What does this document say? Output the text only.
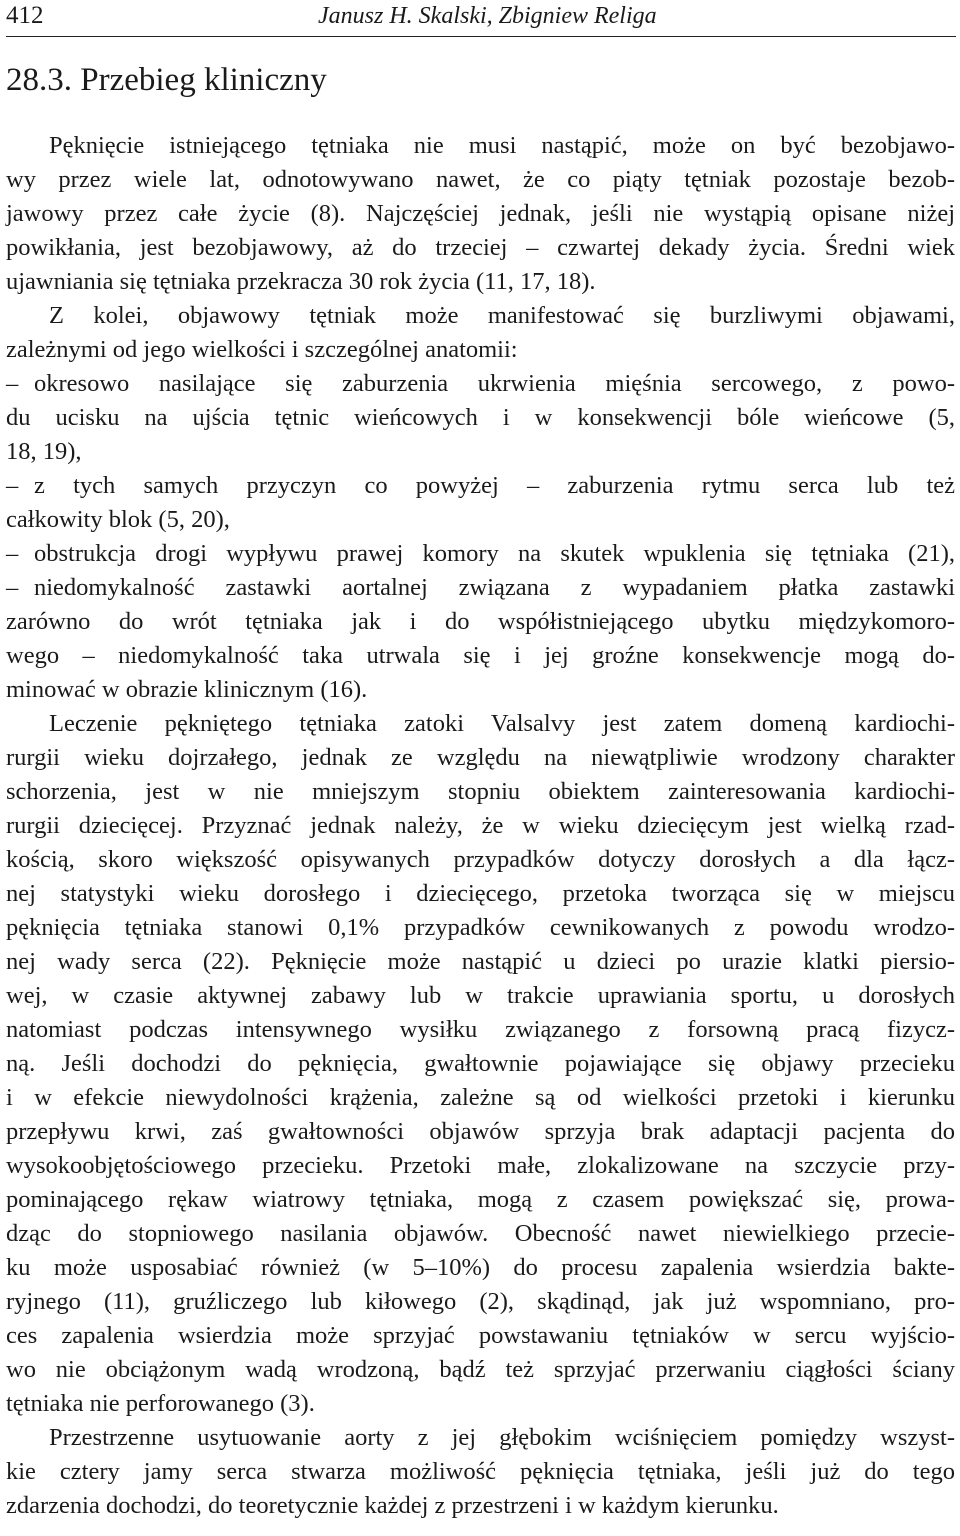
412	Janusz H. Skalski, Zbigniew Religa
28.3. Przebieg kliniczny
Pęknięcie istniejącego tętniaka nie musi nastąpić, może on być bezobjawo-
wy przez wiele lat, odnotowywano nawet, że co piąty tętniak pozostaje bezob-
jawowy przez całe życie (8). Najczęściej jednak, jeśli nie wystąpią opisane niżej
powikłania, jest bezobjawowy, aż do trzeciej – czwartej dekady życia. Średni wiek
ujawniania się tętniaka przekracza 30 rok życia (11, 17, 18).
Z kolei, objawowy tętniak może manifestować się burzliwymi objawami,
zależnymi od jego wielkości i szczególnej anatomii:
– okresowo nasilające się zaburzenia ukrwienia mięśnia sercowego, z powo-
du ucisku na ujścia tętnic wieńcowych i w konsekwencji bóle wieńcowe (5,
18, 19),
– z tych samych przyczyn co powyżej – zaburzenia rytmu serca lub też
całkowity blok (5, 20),
– obstrukcja drogi wypływu prawej komory na skutek wpuklenia się tętniaka (21),
– niedomykalność zastawki aortalnej związana z wypadaniem płatka zastawki
zarówno do wrót tętniaka jak i do współistniejącego ubytku międzykomoro-
wego – niedomykalność taka utrwala się i jej groźne konsekwencje mogą do-
minować w obrazie klinicznym (16).
Leczenie pękniętego tętniaka zatoki Valsalvy jest zatem domeną kardiochi-
rurgii wieku dojrzałego, jednak ze względu na niewątpliwie wrodzony charakter
schorzenia, jest w nie mniejszym stopniu obiektem zainteresowania kardiochi-
rurgii dziecięcej. Przyznać jednak należy, że w wieku dziecięcym jest wielką rzad-
kością, skoro większość opisywanych przypadków dotyczy dorosłych a dla łącz-
nej statystyki wieku dorosłego i dziecięcego, przetoka tworząca się w miejscu
pęknięcia tętniaka stanowi 0,1% przypadków cewnikowanych z powodu wrodzo-
nej wady serca (22). Pęknięcie może nastąpić u dzieci po urazie klatki piersio-
wej, w czasie aktywnej zabawy lub w trakcie uprawiania sportu, u dorosłych
natomiast podczas intensywnego wysiłku związanego z forsowną pracą fizycz-
ną. Jeśli dochodzi do pęknięcia, gwałtownie pojawiające się objawy przecieku
i w efekcie niewydolności krążenia, zależne są od wielkości przetoki i kierunku
przepływu krwi, zaś gwałtowności objawów sprzyja brak adaptacji pacjenta do
wysokoobjętościowego przecieku. Przetoki małe, zlokalizowane na szczycie przy-
pominającego rękaw wiatrowy tętniaka, mogą z czasem powiększać się, prowa-
dząc do stopniowego nasilania objawów. Obecność nawet niewielkiego przecie-
ku może usposabiać również (w 5–10%) do procesu zapalenia wsierdzia bakte-
ryjnego (11), gruźliczego lub kiłowego (2), skądinąd, jak już wspomniano, pro-
ces zapalenia wsierdzia może sprzyjać powstawaniu tętniaków w sercu wyjścio-
wo nie obciążonym wadą wrodzoną, bądź też sprzyjać przerwaniu ciągłości ściany
tętniaka nie perforowanego (3).
Przestrzenne usytuowanie aorty z jej głębokim wciśnięciem pomiędzy wszyst-
kie cztery jamy serca stwarza możliwość pęknięcia tętniaka, jeśli już do tego
zdarzenia dochodzi, do teoretycznie każdej z przestrzeni i w każdym kierunku.
